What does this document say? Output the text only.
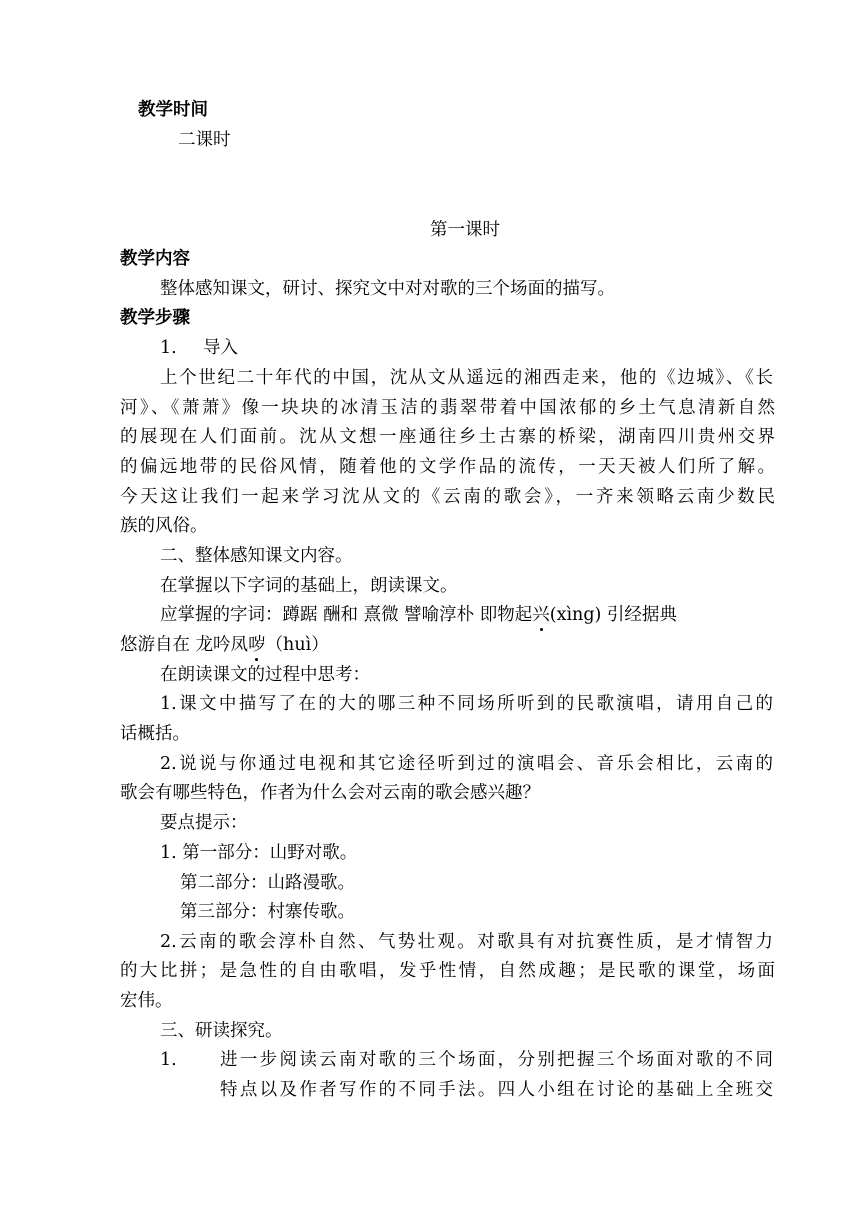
教学时间
二课时
第一课时
教学内容
整体感知课文，研讨、探究文中对对歌的三个场面的描写。
教学步骤
1.	导入
上个世纪二十年代的中国，沈从文从遥远的湘西走来，他的《边城》、《长
河》、《萧萧》像一块块的冰清玉洁的翡翠带着中国浓郁的乡土气息清新自然
的展现在人们面前。沈从文想一座通往乡土古寨的桥梁，湖南四川贵州交界
的偏远地带的民俗风情，随着他的文学作品的流传，一天天被人们所了解。
今天这让我们一起来学习沈从文的《云南的歌会》，一齐来领略云南少数民
族的风俗。
二、整体感知课文内容。
在掌握以下字词的基础上，朗读课文。
应掌握的字词：蹲踞 酬和 熹微 譬喻淳朴 即物起兴(xìng) 引经据典
悠游自在 龙吟凤哕（huì）
在朗读课文的过程中思考：
1.课文中描写了在的大的哪三种不同场所听到的民歌演唱，请用自己的
话概括。
2.说说与你通过电视和其它途径听到过的演唱会、音乐会相比，云南的
歌会有哪些特色，作者为什么会对云南的歌会感兴趣？
要点提示：
1. 第一部分：山野对歌。
第二部分：山路漫歌。
第三部分：村寨传歌。
2.云南的歌会淳朴自然、气势壮观。对歌具有对抗赛性质，是才情智力
的大比拼；是急性的自由歌唱，发乎性情，自然成趣；是民歌的课堂，场面
宏伟。
三、研读探究。
1.	进一步阅读云南对歌的三个场面，分别把握三个场面对歌的不同
特点以及作者写作的不同手法。四人小组在讨论的基础上全班交
